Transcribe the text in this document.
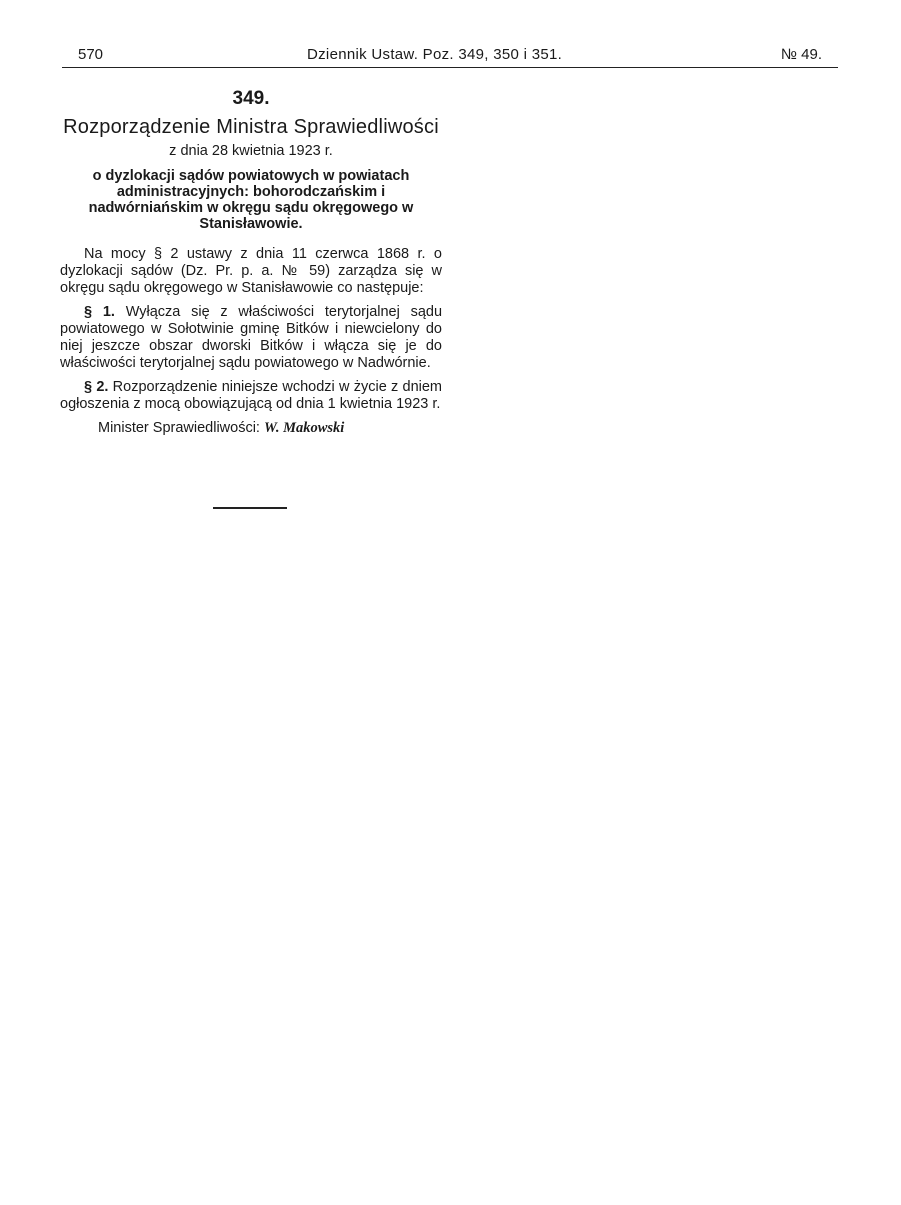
570	Dziennik Ustaw. Poz. 349, 350 i 351.	№ 49.
349.
Rozporządzenie Ministra Sprawiedliwości
z dnia 28 kwietnia 1923 r.
o dyzlokacji sądów powiatowych w powiatach administracyjnych: bohorodczańskim i nadwórniańskim w okręgu sądu okręgowego w Stanisławowie.

Na mocy § 2 ustawy z dnia 11 czerwca 1868 r. o dyzlokacji sądów (Dz. Pr. p. a. № 59) zarządza się w okręgu sądu okręgowego w Stanisławowie co następuje:

§ 1. Wyłącza się z właściwości terytorjalnej sądu powiatowego w Sołotwinie gminę Bitków i niewcielony do niej jeszcze obszar dworski Bitków i włącza się je do właściwości terytorjalnej sądu powiatowego w Nadwórnie.

§ 2. Rozporządzenie niniejsze wchodzi w życie z dniem ogłoszenia z mocą obowiązującą od dnia 1 kwietnia 1923 r.

Minister Sprawiedliwości: W. Makowski
